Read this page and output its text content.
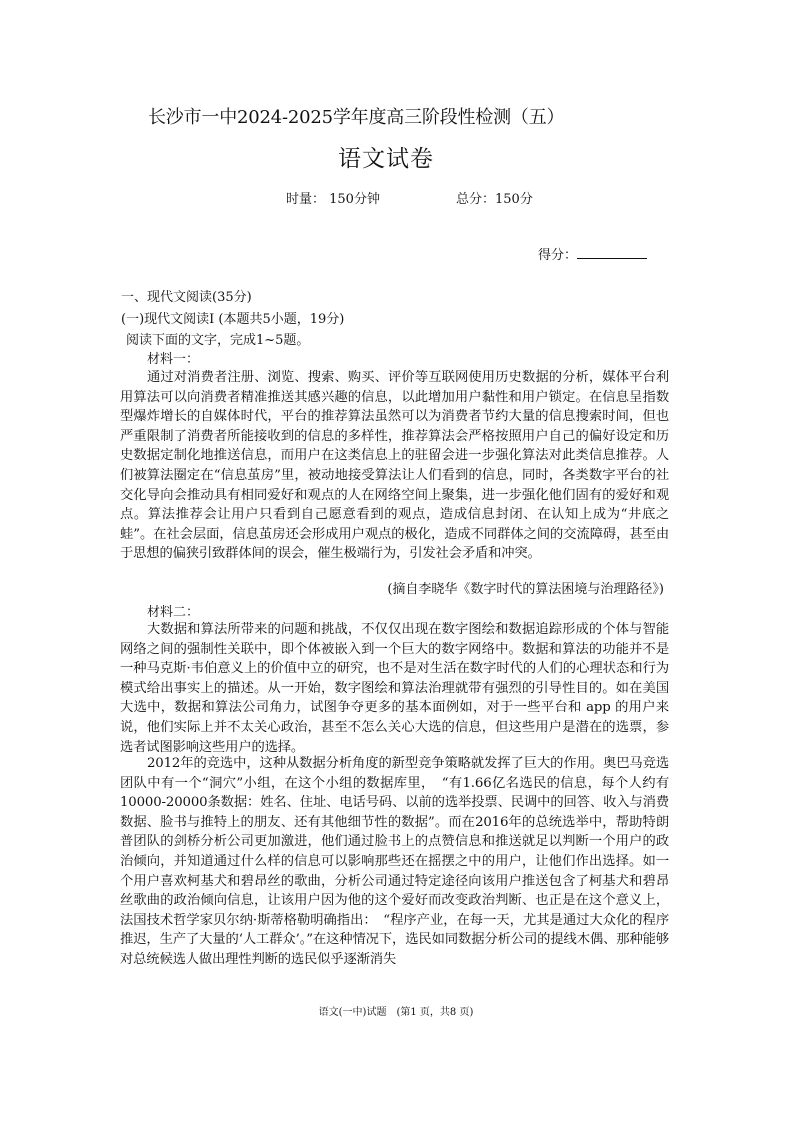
长沙市一中2024-2025学年度高三阶段性检测（五）
语文试卷
时量： 150分钟	总分：150分
得分：
一、现代文阅读(35分)
(一)现代文阅读Ⅰ (本题共5小题，19分)
阅读下面的文字，完成1~5题。
材料一：
通过对消费者注册、浏览、搜索、购买、评价等互联网使用历史数据的分析，媒体平台利用算法可以向消费者精准推送其感兴趣的信息，以此增加用户黏性和用户锁定。在信息呈指数型爆炸增长的自媒体时代，平台的推荐算法虽然可以为消费者节约大量的信息搜索时间，但也严重限制了消费者所能接收到的信息的多样性，推荐算法会严格按照用户自己的偏好设定和历史数据定制化地推送信息，而用户在这类信息上的驻留会进一步强化算法对此类信息推荐。人们被算法圈定在“信息茧房”里，被动地接受算法让人们看到的信息，同时，各类数字平台的社交化导向会推动具有相同爱好和观点的人在网络空间上聚集，进一步强化他们固有的爱好和观点。算法推荐会让用户只看到自己愿意看到的观点，造成信息封闭、在认知上成为“井底之蛙”。在社会层面，信息茧房还会形成用户观点的极化，造成不同群体之间的交流障碍，甚至由于思想的偏狭引致群体间的误会，催生极端行为，引发社会矛盾和冲突。
(摘自李晓华《数字时代的算法困境与治理路径》)
材料二：
大数据和算法所带来的问题和挑战，不仅仅出现在数字图绘和数据追踪形成的个体与智能网络之间的强制性关联中，即个体被嵌入到一个巨大的数字网络中。数据和算法的功能并不是一种马克斯·韦伯意义上的价值中立的研究，也不是对生活在数字时代的人们的心理状态和行为模式给出事实上的描述。从一开始，数字图绘和算法治理就带有强烈的引导性目的。如在美国大选中，数据和算法公司角力，试图争夺更多的基本面例如，对于一些平台和 app 的用户来说，他们实际上并不太关心政治，甚至不怎么关心大选的信息，但这些用户是潜在的选票，参选者试图影响这些用户的选择。
2012年的竞选中，这种从数据分析角度的新型竞争策略就发挥了巨大的作用。奥巴马竞选团队中有一个“洞穴”小组，在这个小组的数据库里，　“有1.66亿名选民的信息，每个人约有10000-20000条数据：姓名、住址、电话号码、以前的选举投票、民调中的回答、收入与消费数据、脸书与推特上的朋友、还有其他细节性的数据”。而在2016年的总统选举中，帮助特朗普团队的剑桥分析公司更加激进，他们通过脸书上的点赞信息和推送就足以判断一个用户的政治倾向，并知道通过什么样的信息可以影响那些还在摇摆之中的用户，让他们作出选择。如一个用户喜欢柯基犬和碧昂丝的歌曲，分析公司通过特定途径向该用户推送包含了柯基犬和碧昂丝歌曲的政治倾向信息，让该用户因为他的这个爱好而改变政治判断、也正是在这个意义上，法国技术哲学家贝尔纳·斯蒂格勒明确指出：　“程序产业，在每一天，尤其是通过大众化的程序推迟，生产了大量的‘人工群众’。”在这种情况下，选民如同数据分析公司的提线木偶、那种能够对总统候选人做出理性判断的选民似乎逐渐消失
语文(一中)试题　(第1 页，共8 页)
